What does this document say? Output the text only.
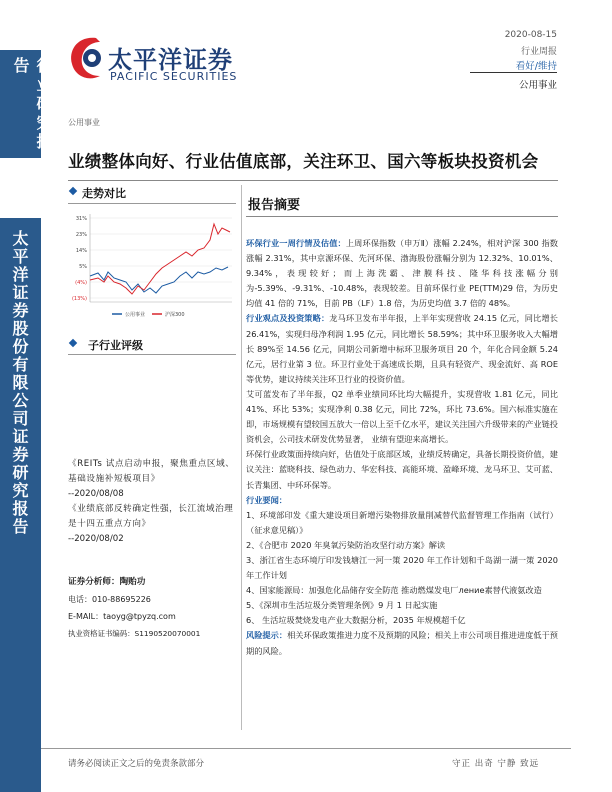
行业研究报告
太平洋证券股份有限公司证券研究报告
太平洋证券
PACIFIC SECURITIES
2020-08-15
行业周报
看好/维持
公用事业
公用事业
业绩整体向好、行业估值底部，关注环卫、国六等板块投资机会
走势对比
31%
23%
14%
5%
(4%)
(13%)
公用事业	沪深300
子行业评级
《REITs 试点启动申报，聚焦重点区域、基础设施补短板项目》
--2020/08/08
《业绩底部反转确定性强，长江流域治理是十四五重点方向》
--2020/08/02
证券分析师：陶贻功
电话：010-88695226
E-MAIL：taoyg@tpyzq.com
执业资格证书编码：S1190520070001
报告摘要

环保行业一周行情及估值：上周环保指数（申万Ⅱ）涨幅 2.24%，相对沪深 300 指数涨幅 2.31%，其中京源环保、先河环保、渤海股份涨幅分别为 12.32%、10.01%、9.34%，表现较好；而上海洗霸、津膜科技、隆华科技涨幅分别为-5.39%、-9.31%、-10.48%，表现较差。目前环保行业 PE(TTM)29 倍，为历史均值 41 倍的 71%，目前 PB（LF）1.8 倍，为历史均值 3.7 倍的 48%。

行业观点及投资策略：龙马环卫发布半年报，上半年实现营收 24.15 亿元，同比增长 26.41%，实现归母净利润 1.95 亿元，同比增长 58.59%；其中环卫服务收入大幅增长 89%至 14.56 亿元，同期公司新增中标环卫服务项目 20 个，年化合同金额 5.24 亿元，居行业第 3 位。环卫行业处于高速成长期，且具有轻资产、现金流好、高 ROE 等优势，建议持续关注环卫行业的投资价值。

艾可蓝发布了半年报，Q2 单季业绩同环比均大幅提升，实现营收 1.81 亿元，同比 41%、环比 53%；实现净利 0.38 亿元，同比 72%，环比 73.6%。国六标准实施在即，市场规模有望较国五放大一倍以上至千亿水平，建议关注国六升级带来的产业链投资机会，公司技术研发优势显著， 业绩有望迎来高增长。

环保行业政策面持续向好，估值处于底部区域，业绩反转确定，具备长期投资价值，建议关注：蓝晓科技、绿色动力、华宏科技、高能环境、盈峰环境、龙马环卫、艾可蓝、长青集团、中环环保等。

行业要闻：

1、环境部印发《重大建设项目新增污染物排放量削减替代监督管理工作指南（试行）（征求意见稿）》

2、《合肥市 2020 年臭氧污染防治攻坚行动方案》解读

3、浙江省生态环境厅印发钱塘江一河一策 2020 年工作计划和千岛湖一湖一策 2020 年工作计划

4、国家能源局：加强危化品储存安全防范 推动燃煤发电厂ление素替代液氨改造

5、《深圳市生活垃圾分类管理条例》9 月 1 日起实施

6、 生活垃圾焚烧发电产业大数据分析，2035 年规模超千亿

风险提示：相关环保政策推进力度不及预期的风险；相关上市公司项目推进进度低于预期的风险。

请务必阅读正文之后的免责条款部分	守正 出奇 宁静 致远
